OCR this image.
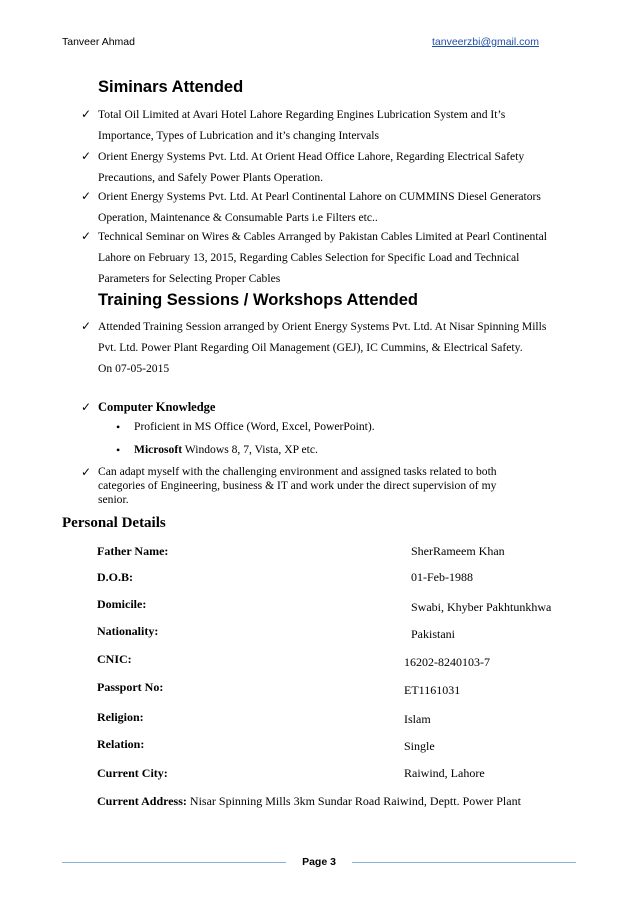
Tanveer Ahmad	tanveerzbi@gmail.com
Siminars Attended
✓ Total Oil Limited at Avari Hotel Lahore Regarding Engines Lubrication System and It’s
Importance, Types of Lubrication and it’s changing Intervals
✓ Orient Energy Systems Pvt. Ltd. At Orient Head Office Lahore, Regarding Electrical Safety
Precautions, and Safely Power Plants Operation.
✓ Orient Energy Systems Pvt. Ltd. At Pearl Continental Lahore on CUMMINS Diesel Generators
Operation, Maintenance & Consumable Parts i.e Filters etc..
✓ Technical Seminar on Wires & Cables Arranged by Pakistan Cables Limited at Pearl Continental
Lahore on February 13, 2015, Regarding Cables Selection for Specific Load and Technical
Parameters for Selecting Proper Cables
Training Sessions / Workshops Attended
✓ Attended Training Session arranged by Orient Energy Systems Pvt. Ltd. At Nisar Spinning Mills
Pvt. Ltd. Power Plant Regarding Oil Management (GEJ), IC Cummins, & Electrical Safety.
On 07-05-2015
✓ Computer Knowledge
• Proficient in MS Office (Word, Excel, PowerPoint).
• Microsoft Windows 8, 7, Vista, XP etc.
✓ Can adapt myself with the challenging environment and assigned tasks related to both
categories of Engineering, business & IT and work under the direct supervision of my
senior.
Personal Details
Father Name:	SherRameem Khan
D.O.B:	01-Feb-1988
Domicile:	Swabi, Khyber Pakhtunkhwa
Nationality:	Pakistani
CNIC:	16202-8240103-7
Passport No:	ET1161031
Religion:	Islam
Relation:	Single
Current City:	Raiwind, Lahore
Current Address: Nisar Spinning Mills 3km Sundar Road Raiwind, Deptt. Power Plant
Page 3
